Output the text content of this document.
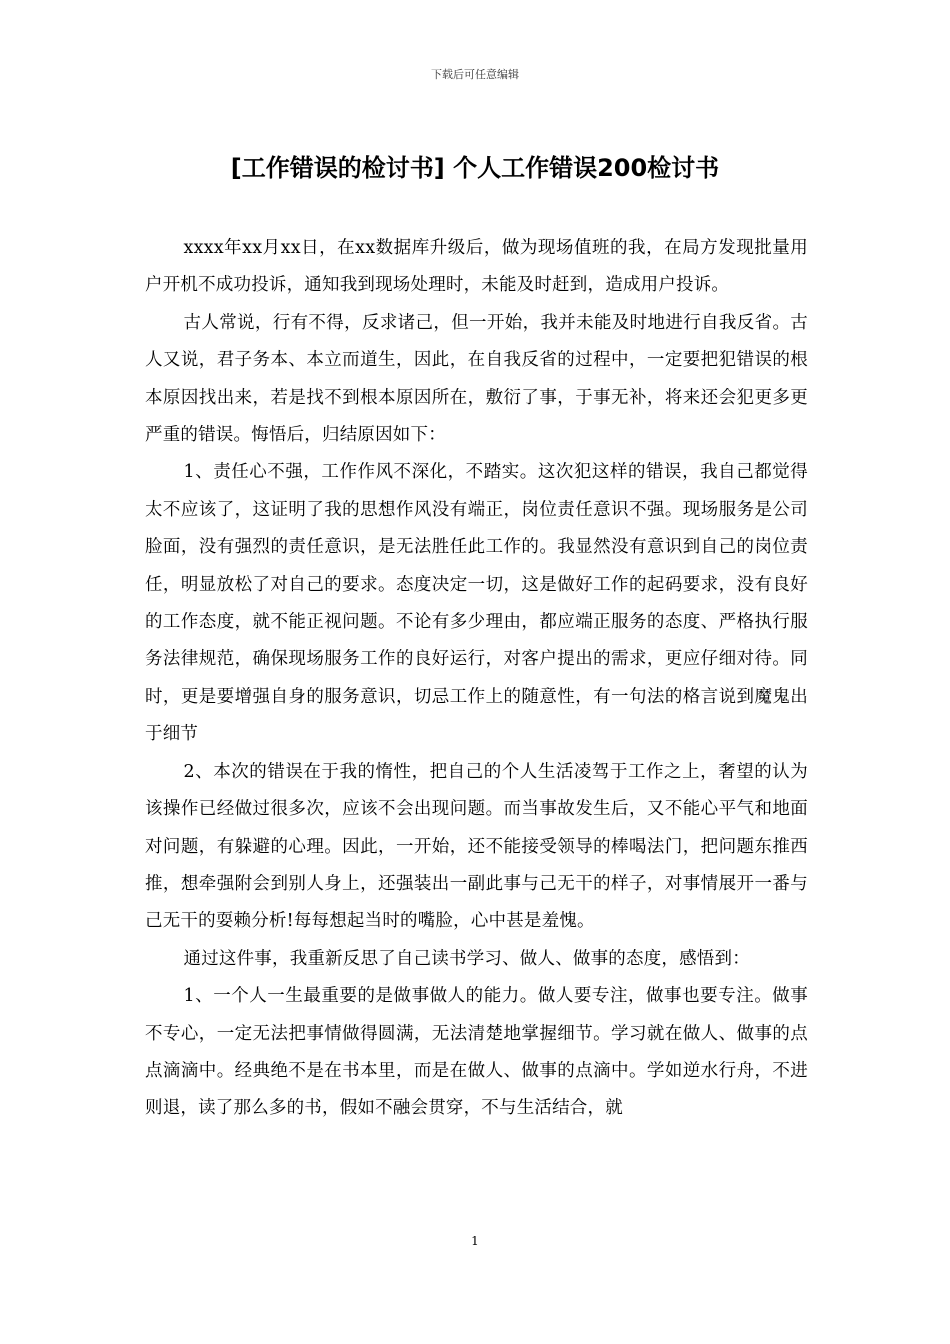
下载后可任意编辑
[工作错误的检讨书] 个人工作错误200检讨书

xxxx年xx月xx日，在xx数据库升级后，做为现场值班的我，在局方发现批量用户开机不成功投诉，通知我到现场处理时，未能及时赶到，造成用户投诉。

古人常说，行有不得，反求诸己，但一开始，我并未能及时地进行自我反省。古人又说，君子务本、本立而道生，因此，在自我反省的过程中，一定要把犯错误的根本原因找出来，若是找不到根本原因所在，敷衍了事，于事无补，将来还会犯更多更严重的错误。悔悟后，归结原因如下：

1、责任心不强，工作作风不深化，不踏实。这次犯这样的错误，我自己都觉得太不应该了，这证明了我的思想作风没有端正，岗位责任意识不强。现场服务是公司脸面，没有强烈的责任意识，是无法胜任此工作的。我显然没有意识到自己的岗位责任，明显放松了对自己的要求。态度决定一切，这是做好工作的起码要求，没有良好的工作态度，就不能正视问题。不论有多少理由，都应端正服务的态度、严格执行服务法律规范，确保现场服务工作的良好运行，对客户提出的需求，更应仔细对待。同时，更是要增强自身的服务意识，切忌工作上的随意性，有一句法的格言说到魔鬼出于细节

2、本次的错误在于我的惰性，把自己的个人生活凌驾于工作之上，奢望的认为该操作已经做过很多次，应该不会出现问题。而当事故发生后，又不能心平气和地面对问题，有躲避的心理。因此，一开始，还不能接受领导的棒喝法门，把问题东推西推，想牵强附会到别人身上，还强装出一副此事与己无干的样子，对事情展开一番与己无干的耍赖分析!每每想起当时的嘴脸，心中甚是羞愧。

通过这件事，我重新反思了自己读书学习、做人、做事的态度，感悟到：

1、一个人一生最重要的是做事做人的能力。做人要专注，做事也要专注。做事不专心，一定无法把事情做得圆满，无法清楚地掌握细节。学习就在做人、做事的点点滴滴中。经典绝不是在书本里，而是在做人、做事的点滴中。学如逆水行舟，不进则退，读了那么多的书，假如不融会贯穿，不与生活结合，就

1
